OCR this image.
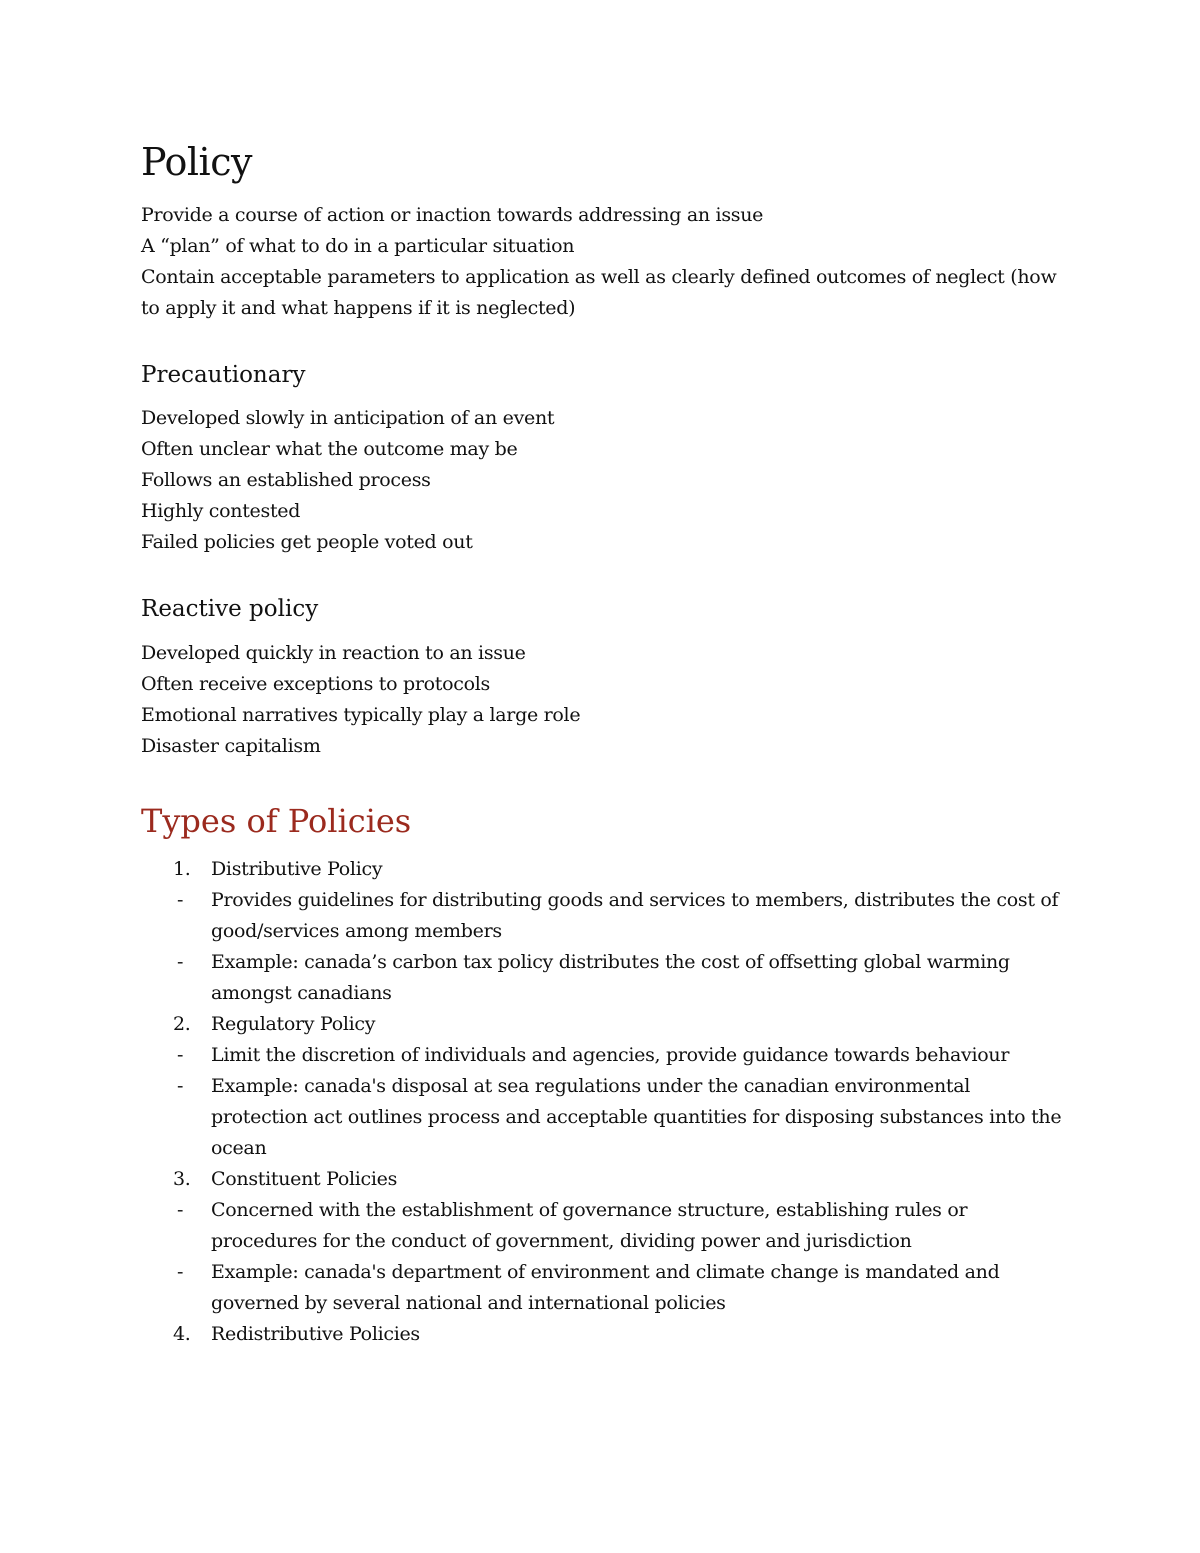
Policy

Provide a course of action or inaction towards addressing an issue

A “plan” of what to do in a particular situation

Contain acceptable parameters to application as well as clearly defined outcomes of neglect (how to apply it and what happens if it is neglected)

Precautionary

Developed slowly in anticipation of an event

Often unclear what the outcome may be

Follows an established process

Highly contested

Failed policies get people voted out

Reactive policy

Developed quickly in reaction to an issue

Often receive exceptions to protocols

Emotional narratives typically play a large role

Disaster capitalism

Types of Policies
1.	Distributive Policy
-	Provides guidelines for distributing goods and services to members, distributes the cost of good/services among members
-	Example: canada’s carbon tax policy distributes the cost of offsetting global warming amongst canadians
2.	Regulatory Policy
-	Limit the discretion of individuals and agencies, provide guidance towards behaviour
-	Example: canada's disposal at sea regulations under the canadian environmental protection act outlines process and acceptable quantities for disposing substances into the ocean
3.	Constituent Policies
-	Concerned with the establishment of governance structure, establishing rules or procedures for the conduct of government, dividing power and jurisdiction
-	Example: canada's department of environment and climate change is mandated and governed by several national and international policies
4.	Redistributive Policies
